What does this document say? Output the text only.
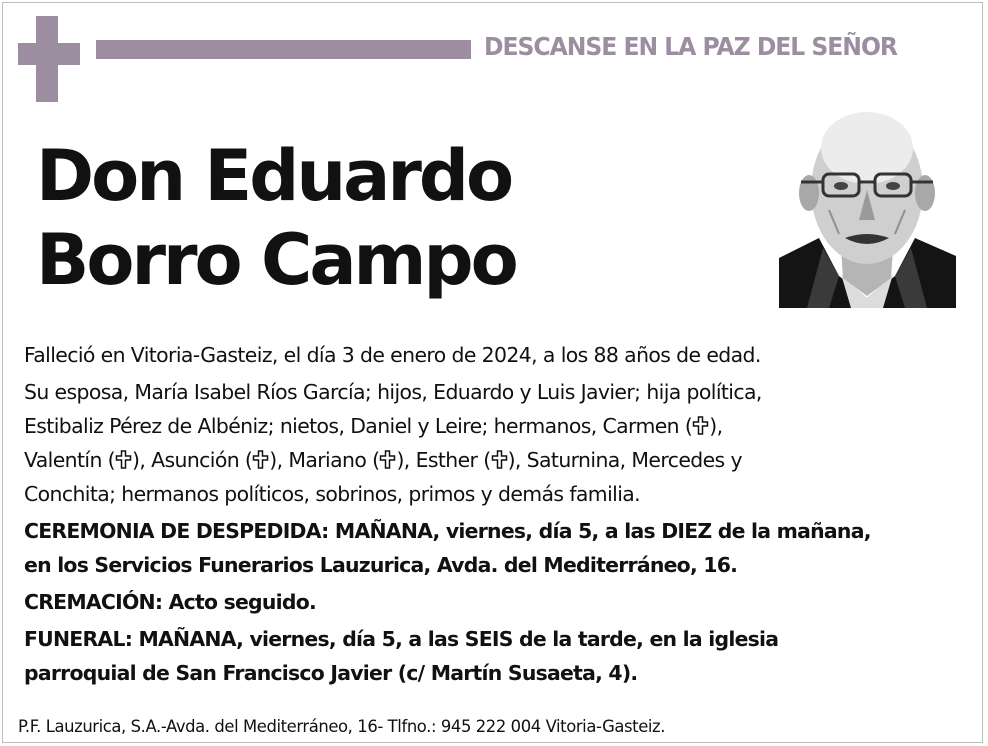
DESCANSE EN LA PAZ DEL SEÑOR
Don Eduardo
Borro Campo

Falleció en Vitoria-Gasteiz, el día 3 de enero de 2024, a los 88 años de edad.

Su esposa, María Isabel Ríos García; hijos, Eduardo y Luis Javier; hija política,

Estibaliz Pérez de Albéniz; nietos, Daniel y Leire; hermanos, Carmen ( ),

Valentín ( ), Asunción ( ), Mariano ( ), Esther ( ), Saturnina, Mercedes y

Conchita; hermanos políticos, sobrinos, primos y demás familia.

CEREMONIA DE DESPEDIDA: MAÑANA, viernes, día 5, a las DIEZ de la mañana,

en los Servicios Funerarios Lauzurica, Avda. del Mediterráneo, 16.

CREMACIÓN: Acto seguido.

FUNERAL: MAÑANA, viernes, día 5, a las SEIS de la tarde, en la iglesia

parroquial de San Francisco Javier (c/ Martín Susaeta, 4).

P.F. Lauzurica, S.A.-Avda. del Mediterráneo, 16- Tlfno.: 945 222 004 Vitoria-Gasteiz.
